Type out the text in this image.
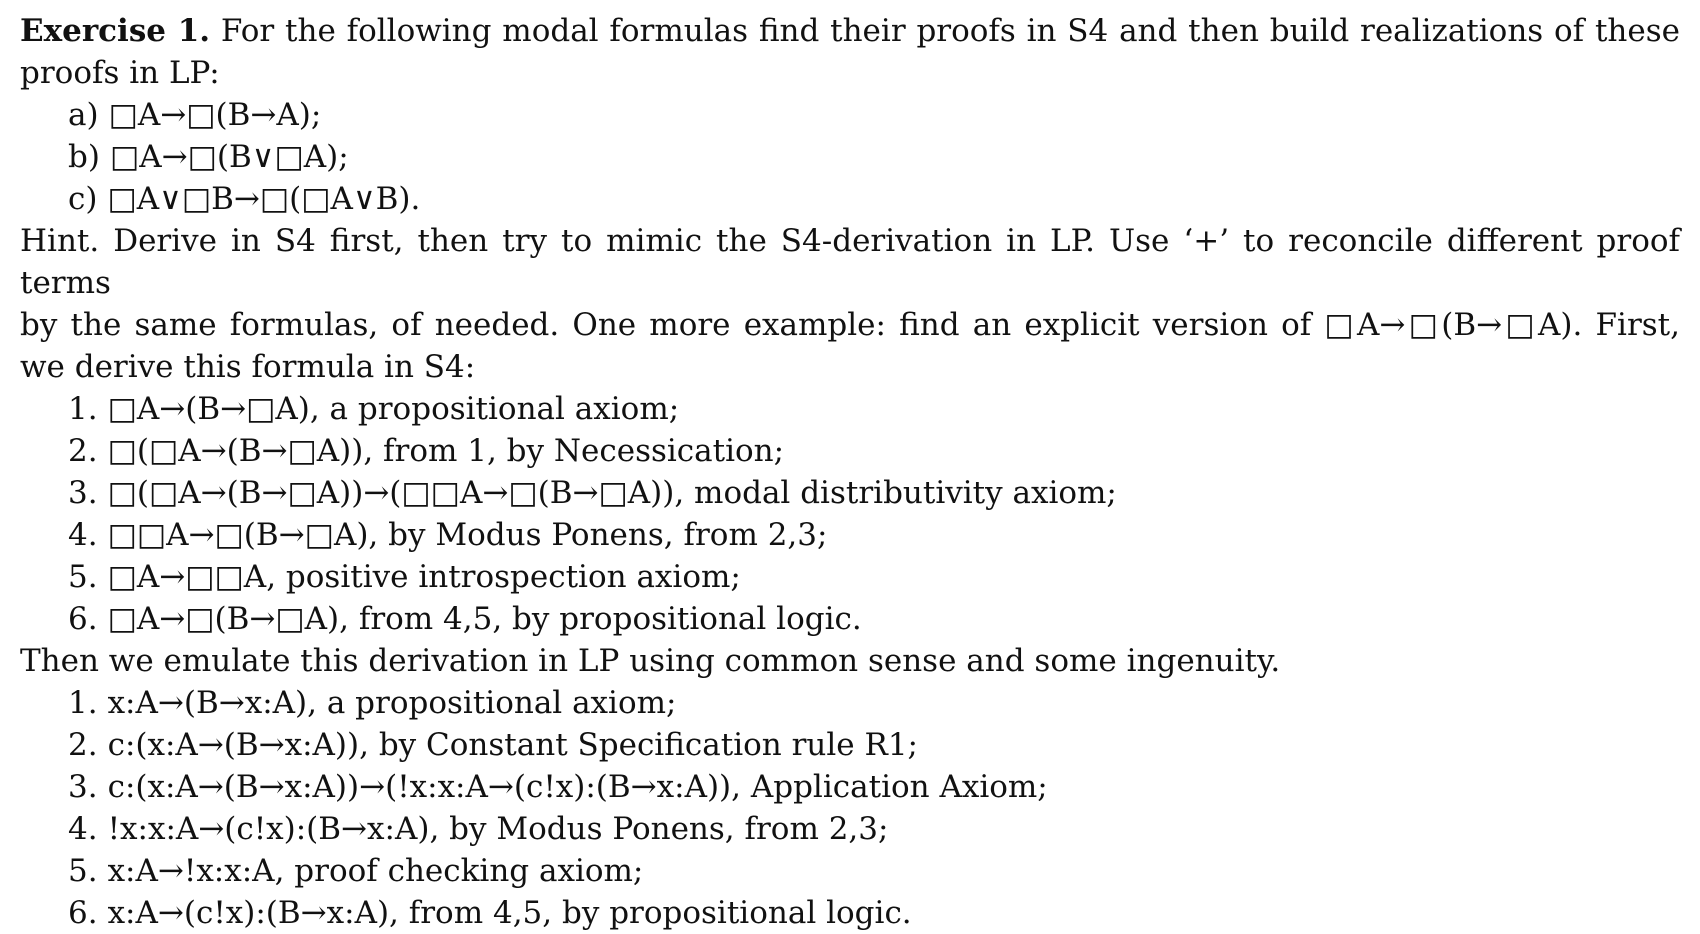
Exercise 1. For the following modal formulas find their proofs in S4 and then build realizations of these

proofs in LP:

a) □A→□(B→A);

b) □A→□(B∨□A);

c) □A∨□B→□(□A∨B).

Hint. Derive in S4 first, then try to mimic the S4-derivation in LP. Use ‘+’ to reconcile different proof terms

by the same formulas, of needed. One more example: find an explicit version of □A→□(B→□A). First,

we derive this formula in S4:

1. □A→(B→□A), a propositional axiom;

2. □(□A→(B→□A)), from 1, by Necessication;

3. □(□A→(B→□A))→(□□A→□(B→□A)), modal distributivity axiom;

4. □□A→□(B→□A), by Modus Ponens, from 2,3;

5. □A→□□A, positive introspection axiom;

6. □A→□(B→□A), from 4,5, by propositional logic.

Then we emulate this derivation in LP using common sense and some ingenuity.

1. x:A→(B→x:A), a propositional axiom;

2. c:(x:A→(B→x:A)), by Constant Specification rule R1;

3. c:(x:A→(B→x:A))→(!x:x:A→(c!x):(B→x:A)), Application Axiom;

4. !x:x:A→(c!x):(B→x:A), by Modus Ponens, from 2,3;

5. x:A→!x:x:A, proof checking axiom;

6. x:A→(c!x):(B→x:A), from 4,5, by propositional logic.
